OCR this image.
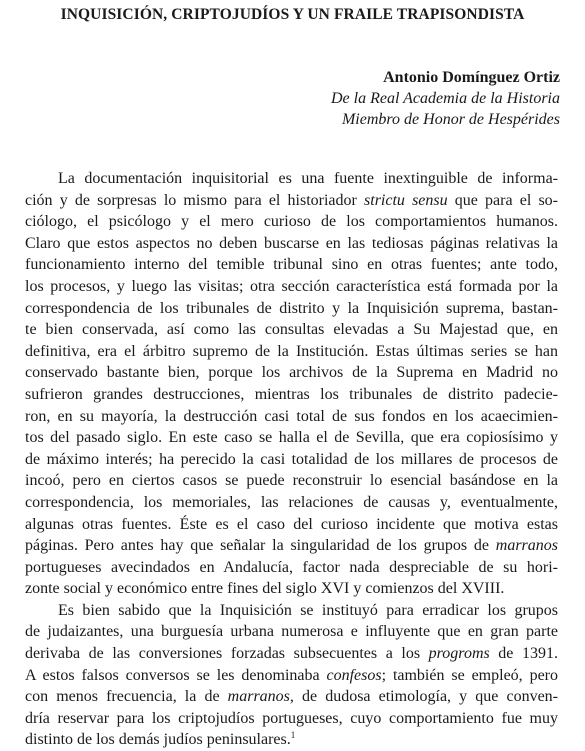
INQUISICIÓN, CRIPTOJUDÍOS Y UN FRAILE TRAPISONDISTA
Antonio Domínguez Ortiz
De la Real Academia de la Historia
Miembro de Honor de Hespérides
La documentación inquisitorial es una fuente inextinguible de informa-
ción y de sorpresas lo mismo para el historiador strictu sensu que para el so-
ciólogo, el psicólogo y el mero curioso de los comportamientos humanos.
Claro que estos aspectos no deben buscarse en las tediosas páginas relativas la
funcionamiento interno del temible tribunal sino en otras fuentes; ante todo,
los procesos, y luego las visitas; otra sección característica está formada por la
correspondencia de los tribunales de distrito y la Inquisición suprema, bastan-
te bien conservada, así como las consultas elevadas a Su Majestad que, en
definitiva, era el árbitro supremo de la Institución. Estas últimas series se han
conservado bastante bien, porque los archivos de la Suprema en Madrid no
sufrieron grandes destrucciones, mientras los tribunales de distrito padecie-
ron, en su mayoría, la destrucción casi total de sus fondos en los acaecimien-
tos del pasado siglo. En este caso se halla el de Sevilla, que era copiosísimo y
de máximo interés; ha perecido la casi totalidad de los millares de procesos de
incoó, pero en ciertos casos se puede reconstruir lo esencial basándose en la
correspondencia, los memoriales, las relaciones de causas y, eventualmente,
algunas otras fuentes. Éste es el caso del curioso incidente que motiva estas
páginas. Pero antes hay que señalar la singularidad de los grupos de marranos
portugueses avecindados en Andalucía, factor nada despreciable de su hori-
zonte social y económico entre fines del siglo XVI y comienzos del XVIII.
Es bien sabido que la Inquisición se instituyó para erradicar los grupos
de judaizantes, una burguesía urbana numerosa e influyente que en gran parte
derivaba de las conversiones forzadas subsecuentes a los progroms de 1391.
A estos falsos conversos se les denominaba confesos; también se empleó, pero
con menos frecuencia, la de marranos, de dudosa etimología, y que conven-
dría reservar para los criptojudíos portugueses, cuyo comportamiento fue muy
distinto de los demás judíos peninsulares.$^1$
